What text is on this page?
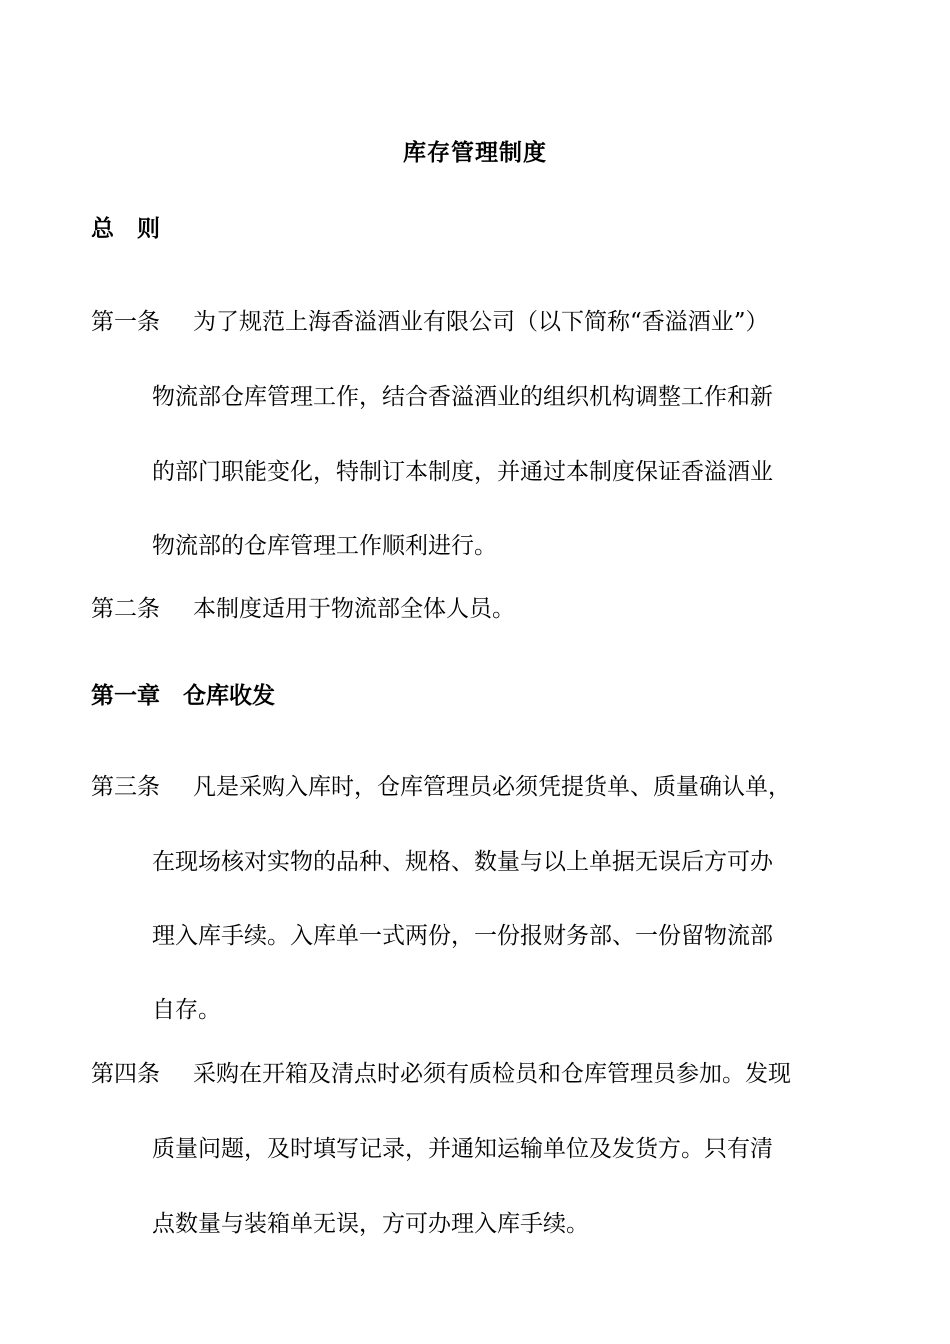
库存管理制度
总　则
第一条 为了规范上海香溢酒业有限公司（以下简称“香溢酒业”）
物流部仓库管理工作，结合香溢酒业的组织机构调整工作和新
的部门职能变化，特制订本制度，并通过本制度保证香溢酒业
物流部的仓库管理工作顺利进行。
第二条 本制度适用于物流部全体人员。
第一章　仓库收发
第三条 凡是采购入库时，仓库管理员必须凭提货单、质量确认单，
在现场核对实物的品种、规格、数量与以上单据无误后方可办
理入库手续。入库单一式两份，一份报财务部、一份留物流部
自存。
第四条 采购在开箱及清点时必须有质检员和仓库管理员参加。发现
质量问题，及时填写记录，并通知运输单位及发货方。只有清
点数量与装箱单无误，方可办理入库手续。
